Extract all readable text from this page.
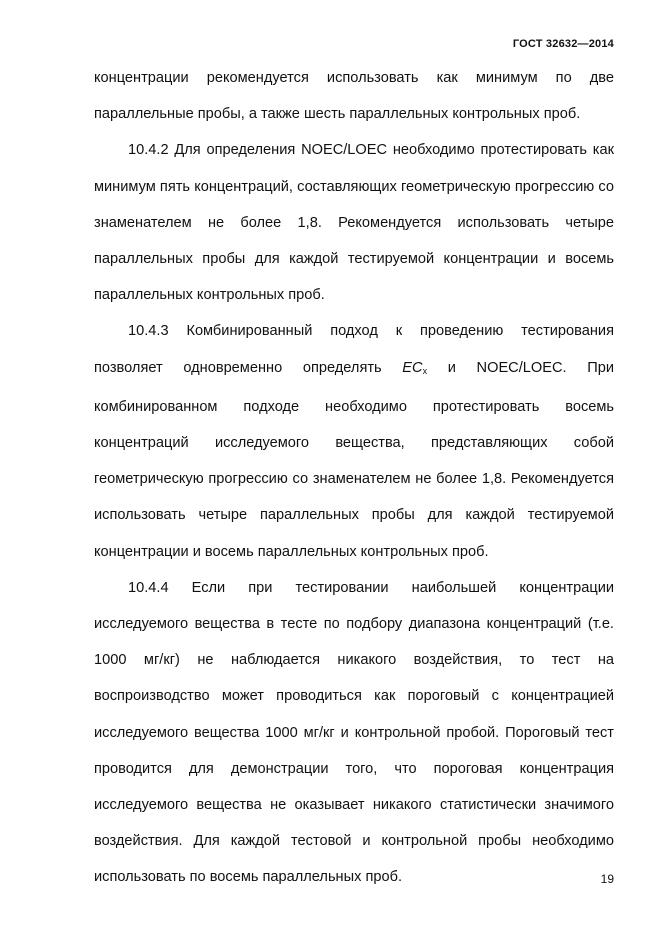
ГОСТ 32632—2014

концентрации рекомендуется использовать как минимум по две параллельные пробы, а также шесть параллельных контрольных проб.

10.4.2 Для определения NOEC/LOEC необходимо протестировать как минимум пять концентраций, составляющих геометрическую прогрессию со знаменателем не более 1,8. Рекомендуется использовать четыре параллельных пробы для каждой тестируемой концентрации и восемь параллельных контрольных проб.

10.4.3 Комбинированный подход к проведению тестирования позволяет одновременно определять $EC_x$ и NOEC/LOEC. При комбинированном подходе необходимо протестировать восемь концентраций исследуемого вещества, представляющих собой геометрическую прогрессию со знаменателем не более 1,8. Рекомендуется использовать четыре параллельных пробы для каждой тестируемой концентрации и восемь параллельных контрольных проб.

10.4.4 Если при тестировании наибольшей концентрации исследуемого вещества в тесте по подбору диапазона концентраций (т.е. 1000 мг/кг) не наблюдается никакого воздействия, то тест на воспроизводство может проводиться как пороговый с концентрацией исследуемого вещества 1000 мг/кг и контрольной пробой. Пороговый тест проводится для демонстрации того, что пороговая концентрация исследуемого вещества не оказывает никакого статистически значимого воздействия. Для каждой тестовой и контрольной пробы необходимо использовать по восемь параллельных проб.	19
